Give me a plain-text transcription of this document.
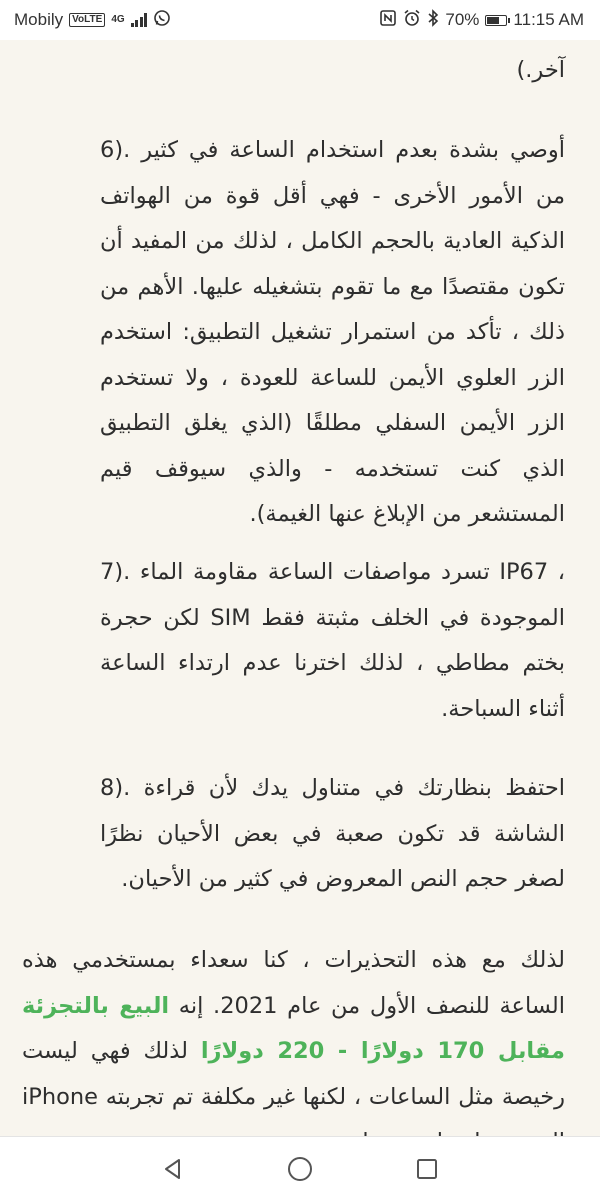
Mobily VoLTE 4G	70% 11:15 AM

آخر.)

أوصي بشدة بعدم استخدام الساعة في كثير .(6 من الأمور الأخرى - فهي أقل قوة من الهواتف الذكية العادية بالحجم الكامل ، لذلك من المفيد أن تكون مقتصدًا مع ما تقوم بتشغيله عليها. الأهم من ذلك ، تأكد من استمرار تشغيل التطبيق: استخدم الزر العلوي الأيمن للساعة للعودة ، ولا تستخدم الزر الأيمن السفلي مطلقًا (الذي يغلق التطبيق الذي كنت تستخدمه - والذي سيوقف قيم المستشعر من الإبلاغ عنها الغيمة).

، IP67 تسرد مواصفات الساعة مقاومة الماء .(7 الموجودة في الخلف مثبتة فقط SIM لكن حجرة بختم مطاطي ، لذلك اخترنا عدم ارتداء الساعة أثناء السباحة.

احتفظ بنظارتك في متناول يدك لأن قراءة .(8 الشاشة قد تكون صعبة في بعض الأحيان نظرًا لصغر حجم النص المعروض في كثير من الأحيان.

لذلك مع هذه التحذيرات ، كنا سعداء بمستخدمي هذه الساعة للنصف الأول من عام 2021. إنه البيع بالتجزئة مقابل 170 دولارًا - 220 دولارًا لذلك فهي ليست رخيصة مثل الساعات ، لكنها غير مكلفة تم تجربته iPhone
